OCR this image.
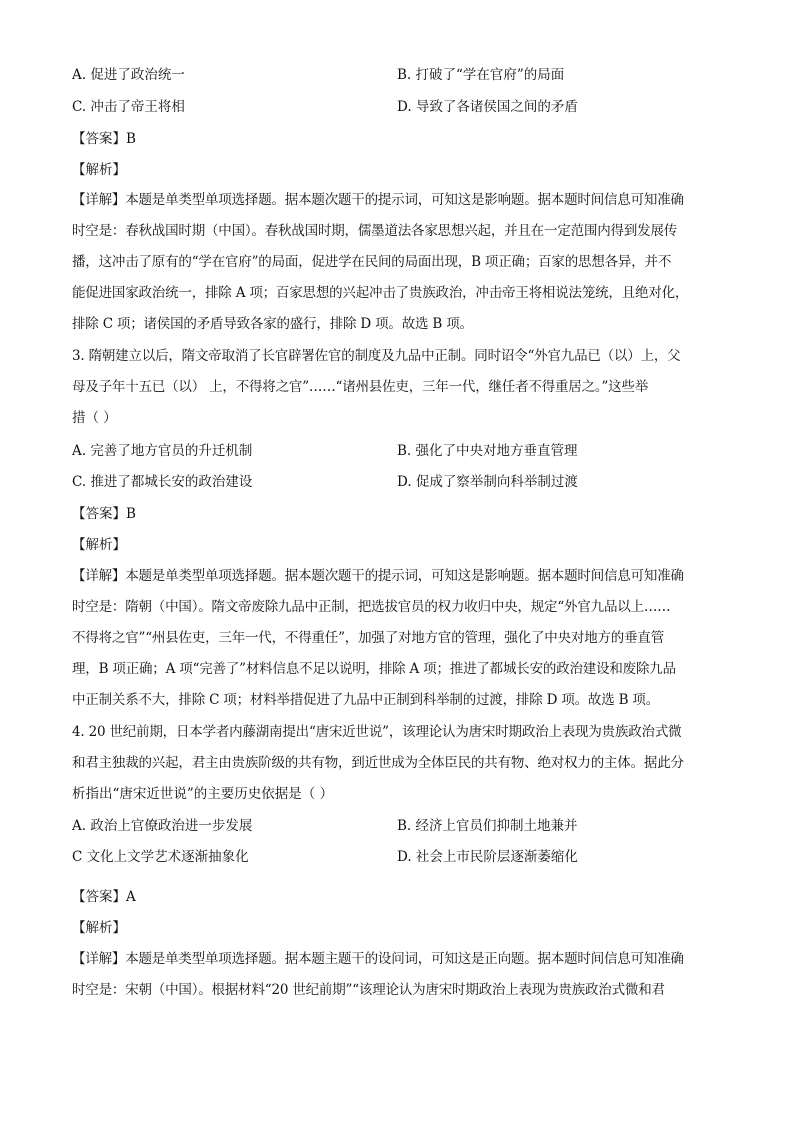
A. 促进了政治统一	B. 打破了“学在官府”的局面
C. 冲击了帝王将相	D. 导致了各诸侯国之间的矛盾
【答案】B
【解析】
【详解】本题是单类型单项选择题。据本题次题干的提示词，可知这是影响题。据本题时间信息可知准确
时空是：春秋战国时期（中国）。春秋战国时期，儒墨道法各家思想兴起，并且在一定范围内得到发展传
播，这冲击了原有的“学在官府”的局面，促进学在民间的局面出现，B 项正确；百家的思想各异，并不
能促进国家政治统一，排除 A 项；百家思想的兴起冲击了贵族政治，冲击帝王将相说法笼统，且绝对化，
排除 C 项；诸侯国的矛盾导致各家的盛行，排除 D 项。故选 B 项。
3. 隋朝建立以后，隋文帝取消了长官辟署佐官的制度及九品中正制。同时诏令“外官九品已（以）上，父
母及子年十五已（以） 上，不得将之官”……“诸州县佐吏，三年一代，继任者不得重居之。”这些举
措（ ）
A. 完善了地方官员的升迁机制	B. 强化了中央对地方垂直管理
C. 推进了都城长安的政治建设	D. 促成了察举制向科举制过渡
【答案】B
【解析】
【详解】本题是单类型单项选择题。据本题次题干的提示词，可知这是影响题。据本题时间信息可知准确
时空是：隋朝（中国）。隋文帝废除九品中正制，把选拔官员的权力收归中央，规定“外官九品以上……
不得将之官”“州县佐吏，三年一代，不得重任”，加强了对地方官的管理，强化了中央对地方的垂直管
理，B 项正确；A 项“完善了”材料信息不足以说明，排除 A 项；推进了都城长安的政治建设和废除九品
中正制关系不大，排除 C 项；材料举措促进了九品中正制到科举制的过渡，排除 D 项。故选 B 项。
4. 20 世纪前期，日本学者内藤湖南提出“唐宋近世说”，该理论认为唐宋时期政治上表现为贵族政治式微
和君主独裁的兴起，君主由贵族阶级的共有物，到近世成为全体臣民的共有物、绝对权力的主体。据此分
析指出“唐宋近世说”的主要历史依据是（ ）
A. 政治上官僚政治进一步发展	B. 经济上官员们抑制土地兼并
C 文化上文学艺术逐渐抽象化	D. 社会上市民阶层逐渐萎缩化
【答案】A
【解析】
【详解】本题是单类型单项选择题。据本题主题干的设问词，可知这是正向题。据本题时间信息可知准确
时空是：宋朝（中国）。根据材料“20 世纪前期”“该理论认为唐宋时期政治上表现为贵族政治式微和君
